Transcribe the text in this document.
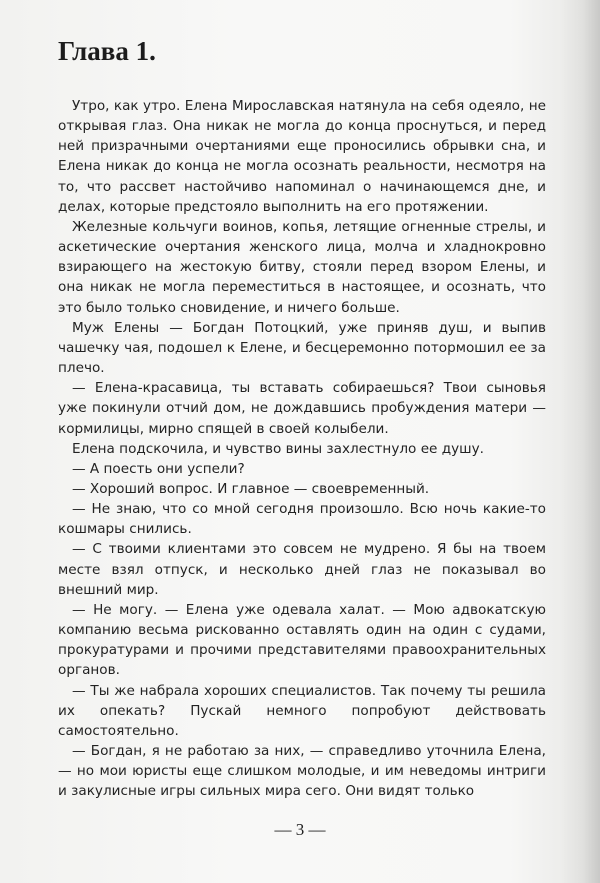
Глава 1.

Утро, как утро. Елена Мирославская натянула на себя одеяло, не открывая глаз. Она никак не могла до конца проснуться, и перед ней призрачными очертаниями еще проносились обрывки сна, и Елена никак до конца не могла осознать реальности, несмотря на то, что рассвет настойчиво напоминал о начинающемся дне, и делах, которые предстояло выполнить на его протяжении.

Железные кольчуги воинов, копья, летящие огненные стрелы, и аскетические очертания женского лица, молча и хладнокровно взирающего на жестокую битву, стояли перед взором Елены, и она никак не могла переместиться в настоящее, и осознать, что это было только сновидение, и ничего больше.

Муж Елены — Богдан Потоцкий, уже приняв душ, и выпив чашечку чая, подошел к Елене, и бесцеремонно потормошил ее за плечо.

— Елена-красавица, ты вставать собираешься? Твои сыновья уже покинули отчий дом, не дождавшись пробуждения матери — кормилицы, мирно спящей в своей колыбели.

Елена подскочила, и чувство вины захлестнуло ее душу.

— А поесть они успели?

— Хороший вопрос. И главное — своевременный.

— Не знаю, что со мной сегодня произошло. Всю ночь какие-то кошмары снились.

— С твоими клиентами это совсем не мудрено. Я бы на твоем месте взял отпуск, и несколько дней глаз не показывал во внешний мир.

— Не могу. — Елена уже одевала халат. — Мою адвокатскую компанию весьма рискованно оставлять один на один с судами, прокуратурами и прочими представителями правоохранительных органов.

— Ты же набрала хороших специалистов. Так почему ты решила их опекать? Пускай немного попробуют действовать самостоятельно.

— Богдан, я не работаю за них, — справедливо уточнила Елена, — но мои юристы еще слишком молодые, и им неведомы интриги и закулисные игры сильных мира сего. Они видят только

— 3 —
